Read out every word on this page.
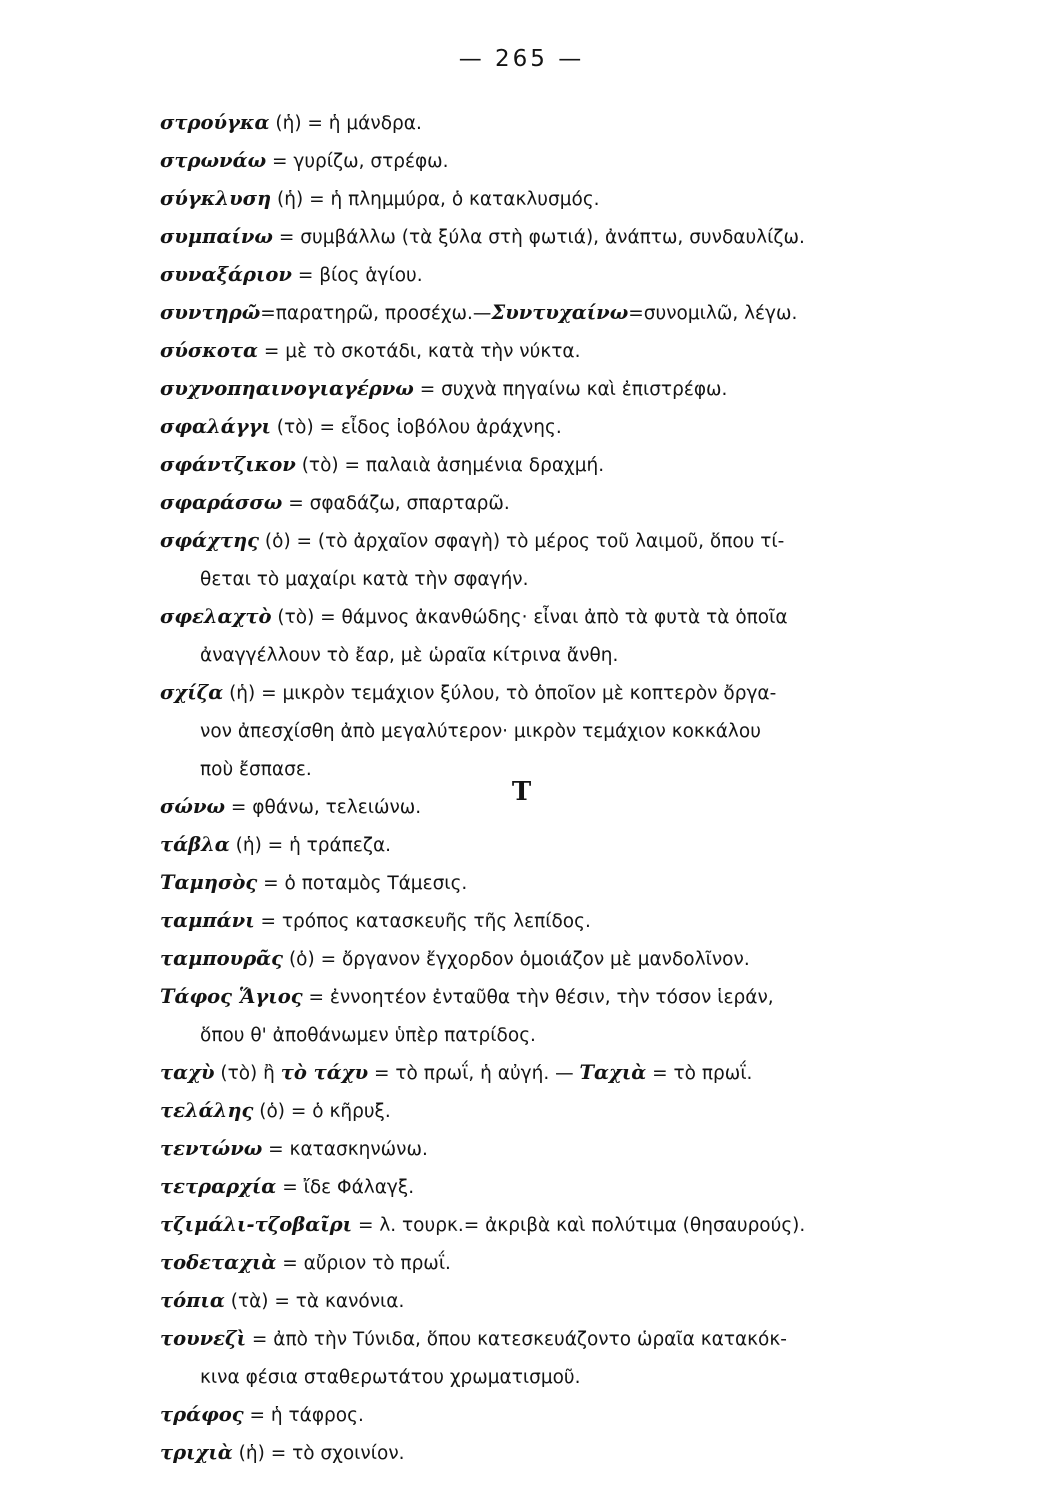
— 265 —
στρούγκα (ἡ) = ἡ μάνδρα.
στρωνάω = γυρίζω, στρέφω.
σύγκλυση (ἡ) = ἡ πλημμύρα, ὁ κατακλυσμός.
συμπαίνω = συμβάλλω (τὰ ξύλα στὴ φωτιά), ἀνάπτω, συνδαυλίζω.
συναξάριον = βίος ἁγίου.
συντηρῶ=παρατηρῶ, προσέχω.—Συντυχαίνω=συνομιλῶ, λέγω.
σύσκοτα = μὲ τὸ σκοτάδι, κατὰ τὴν νύκτα.
συχνοπηαινογιαγέρνω = συχνὰ πηγαίνω καὶ ἐπιστρέφω.
σφαλάγγι (τὸ) = εἶδος ἰοβόλου ἀράχνης.
σφάντζικον (τὸ) = παλαιὰ ἀσημένια δραχμή.
σφαράσσω = σφαδάζω, σπαρταρῶ.
σφάχτης (ὁ) = (τὸ ἀρχαῖον σφαγὴ) τὸ μέρος τοῦ λαιμοῦ, ὅπου τί-
θεται τὸ μαχαίρι κατὰ τὴν σφαγήν.
σφελαχτὸ (τὸ) = θάμνος ἀκανθώδης· εἶναι ἀπὸ τὰ φυτὰ τὰ ὁποῖα
ἀναγγέλλουν τὸ ἔαρ, μὲ ὡραῖα κίτρινα ἄνθη.
σχίζα (ἡ) = μικρὸν τεμάχιον ξύλου, τὸ ὁποῖον μὲ κοπτερὸν ὄργα-
νον ἀπεσχίσθη ἀπὸ μεγαλύτερον· μικρὸν τεμάχιον κοκκάλου
ποὺ ἔσπασε.
σώνω = φθάνω, τελειώνω.
Τ
τάβλα (ἡ) = ἡ τράπεζα.
Ταμησὸς = ὁ ποταμὸς Τάμεσις.
ταμπάνι = τρόπος κατασκευῆς τῆς λεπίδος.
ταμπουρᾶς (ὁ) = ὄργανον ἔγχορδον ὁμοιάζον μὲ μανδολῖνον.
Τάφος Ἅγιος = ἐννοητέον ἐνταῦθα τὴν θέσιν, τὴν τόσον ἱεράν,
ὅπου θ' ἀποθάνωμεν ὑπὲρ πατρίδος.
ταχὺ (τὸ) ἢ τὸ τάχυ = τὸ πρωΐ, ἡ αὐγή. — Ταχιὰ = τὸ πρωΐ.
τελάλης (ὁ) = ὁ κῆρυξ.
τεντώνω = κατασκηνώνω.
τετραρχία = ἴδε Φάλαγξ.
τζιμάλι-τζοβαῖρι = λ. τουρκ.= ἀκριβὰ καὶ πολύτιμα (θησαυρούς).
τοδεταχιὰ = αὔριον τὸ πρωΐ.
τόπια (τὰ) = τὰ κανόνια.
τουνεζὶ = ἀπὸ τὴν Τύνιδα, ὅπου κατεσκευάζοντο ὡραῖα κατακόκ-
κινα φέσια σταθερωτάτου χρωματισμοῦ.
τράφος = ἡ τάφρος.
τριχιὰ (ἡ) = τὸ σχοινίον.
